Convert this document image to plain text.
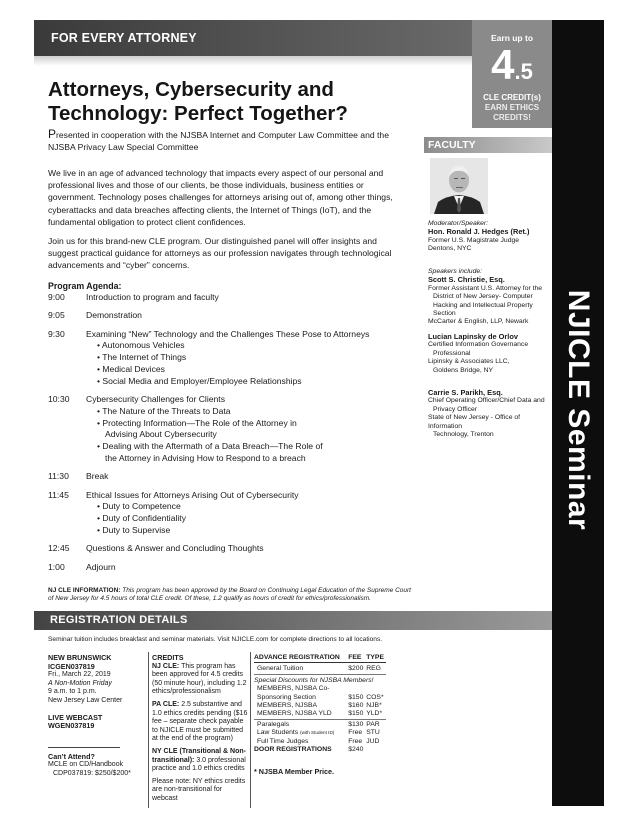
FOR EVERY ATTORNEY	Earn up to
4.5
CLE CREDIT(s)
EARN ETHICS
CREDITS!
NJICLE Seminar
Attorneys, Cybersecurity and
Technology: Perfect Together?
Presented in cooperation with the NJSBA Internet and Computer Law Committee and the NJSBA Privacy Law Special Committee
We live in an age of advanced technology that impacts every aspect of our personal and professional lives and those of our clients, be those individuals, business entities or government. Technology poses challenges for attorneys arising out of, among other things, cyberattacks and data breaches affecting clients, the Internet of Things (IoT), and the fundamental obligation to protect client confidences.
Join us for this brand-new CLE program. Our distinguished panel will offer insights and suggest practical guidance for attorneys as our profession navigates through technological advancements and “cyber” concerns.
Program Agenda:
9:00	Introduction to program and faculty
9:05	Demonstration
9:30	Examining “New” Technology and the Challenges These Pose to Attorneys
• Autonomous Vehicles
• The Internet of Things
• Medical Devices
• Social Media and Employer/Employee Relationships
10:30	Cybersecurity Challenges for Clients
• The Nature of the Threats to Data
• Protecting Information—The Role of the Attorney in
Advising About Cybersecurity
• Dealing with the Aftermath of a Data Breach—The Role of
the Attorney in Advising How to Respond to a breach
11:30	Break
11:45	Ethical Issues for Attorneys Arising Out of Cybersecurity
• Duty to Competence
• Duty of Confidentiality
• Duty to Supervise
12:45	Questions & Answer and Concluding Thoughts
1:00	Adjourn
FACULTY
Moderator/Speaker:
Hon. Ronald J. Hedges (Ret.)
Former U.S. Magistrate Judge
Dentons, NYC
Speakers include:
Scott S. Christie, Esq.
Former Assistant U.S. Attorney for the
District of New Jersey- Computer
Hacking and Intellectual Property Section
McCarter & English, LLP, Newark
Lucian Lapinsky de Orlov
Certified Information Governance
Professional
Lipinsky & Associates LLC,
Goldens Bridge, NY
Carrie S. Parikh, Esq.
Chief Operating Officer/Chief Data and
Privacy Officer
State of New Jersey - Office of Information
Technology, Trenton
NJ CLE INFORMATION: This program has been approved by the Board on Continuing Legal Education of the Supreme Court of New Jersey for 4.5 hours of total CLE credit. Of these, 1.2 qualify as hours of credit for ethics/professionalism.
REGISTRATION DETAILS
Seminar tuition includes breakfast and seminar materials. Visit NJICLE.com for complete directions to all locations.
NEW BRUNSWICK
ICGEN037819
Fri., March 22, 2019
A Non-Motion Friday
9 a.m. to 1 p.m.
New Jersey Law Center
LIVE WEBCAST
WGEN037819
Can’t Attend?
MCLE on CD/Handbook
CDP037819: $250/$200*
CREDITS
NJ CLE: This program has been approved for 4.5 credits (50 minute hour), including 1.2 ethics/professionalism
PA CLE: 2.5 substantive and 1.0 ethics credits pending ($16 fee – separate check payable to NJICLE must be submitted at the end of the program)
NY CLE (Transitional & Non-transitional): 3.0 professional practice and 1.0 ethics credits
Please note: NY ethics credits are non-transitional for webcast
ADVANCE REGISTRATION	FEE	TYPE
General Tuition	$200	REG
Special Discounts for NJSBA Members!		
MEMBERS, NJSBA Co-Sponsoring Section	$150	COS*
MEMBERS, NJSBA	$160	NJB*
MEMBERS, NJSBA YLD	$150	YLD*
Paralegals	$130	PAR
Law Students (with Student ID)	Free	STU
Full Time Judges	Free	JUD
DOOR REGISTRATIONS	$240	
* NJSBA Member Price.
